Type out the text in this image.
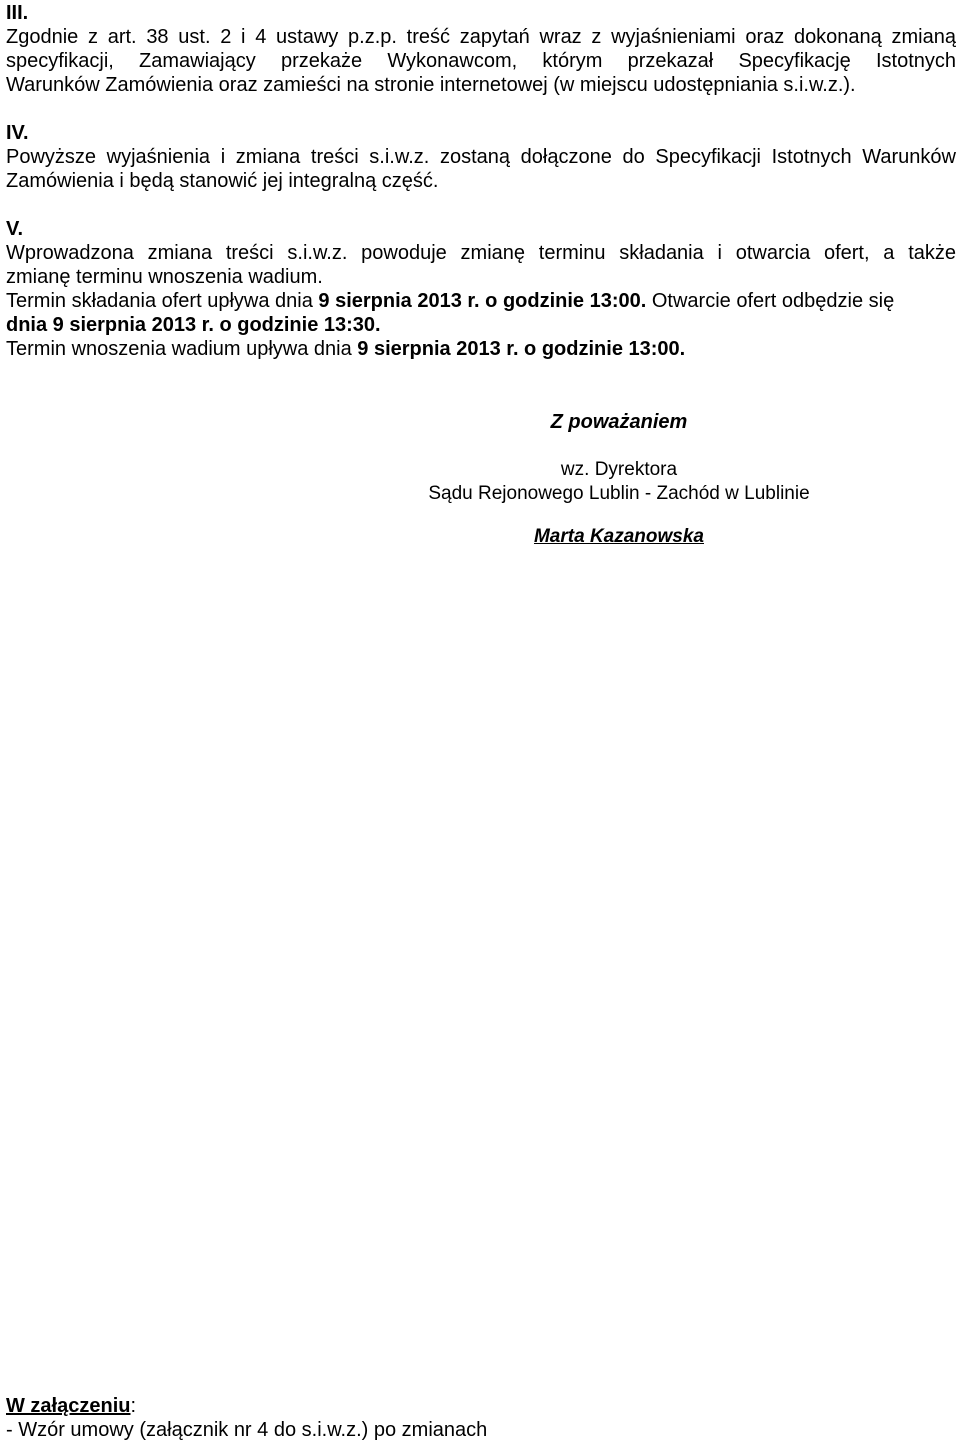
III.
Zgodnie z art. 38 ust. 2 i 4 ustawy p.z.p. treść zapytań wraz z wyjaśnieniami oraz dokonaną zmianą
specyfikacji, Zamawiający przekaże Wykonawcom, którym przekazał Specyfikację Istotnych
Warunków Zamówienia oraz zamieści na stronie internetowej (w miejscu udostępniania s.i.w.z.).
IV.
Powyższe wyjaśnienia i zmiana treści s.i.w.z. zostaną dołączone do Specyfikacji Istotnych Warunków
Zamówienia i będą stanowić jej integralną część.
V.
Wprowadzona zmiana treści s.i.w.z. powoduje zmianę terminu składania i otwarcia ofert, a także
zmianę terminu wnoszenia wadium.
Termin składania ofert upływa dnia 9 sierpnia 2013 r. o godzinie 13:00. Otwarcie ofert odbędzie się
dnia 9 sierpnia 2013 r. o godzinie 13:30.
Termin wnoszenia wadium upływa dnia 9 sierpnia 2013 r. o godzinie 13:00.
Z poważaniem
wz. Dyrektora
Sądu Rejonowego Lublin - Zachód w Lublinie
Marta Kazanowska
W załączeniu:
- Wzór umowy (załącznik nr 4 do s.i.w.z.) po zmianach
